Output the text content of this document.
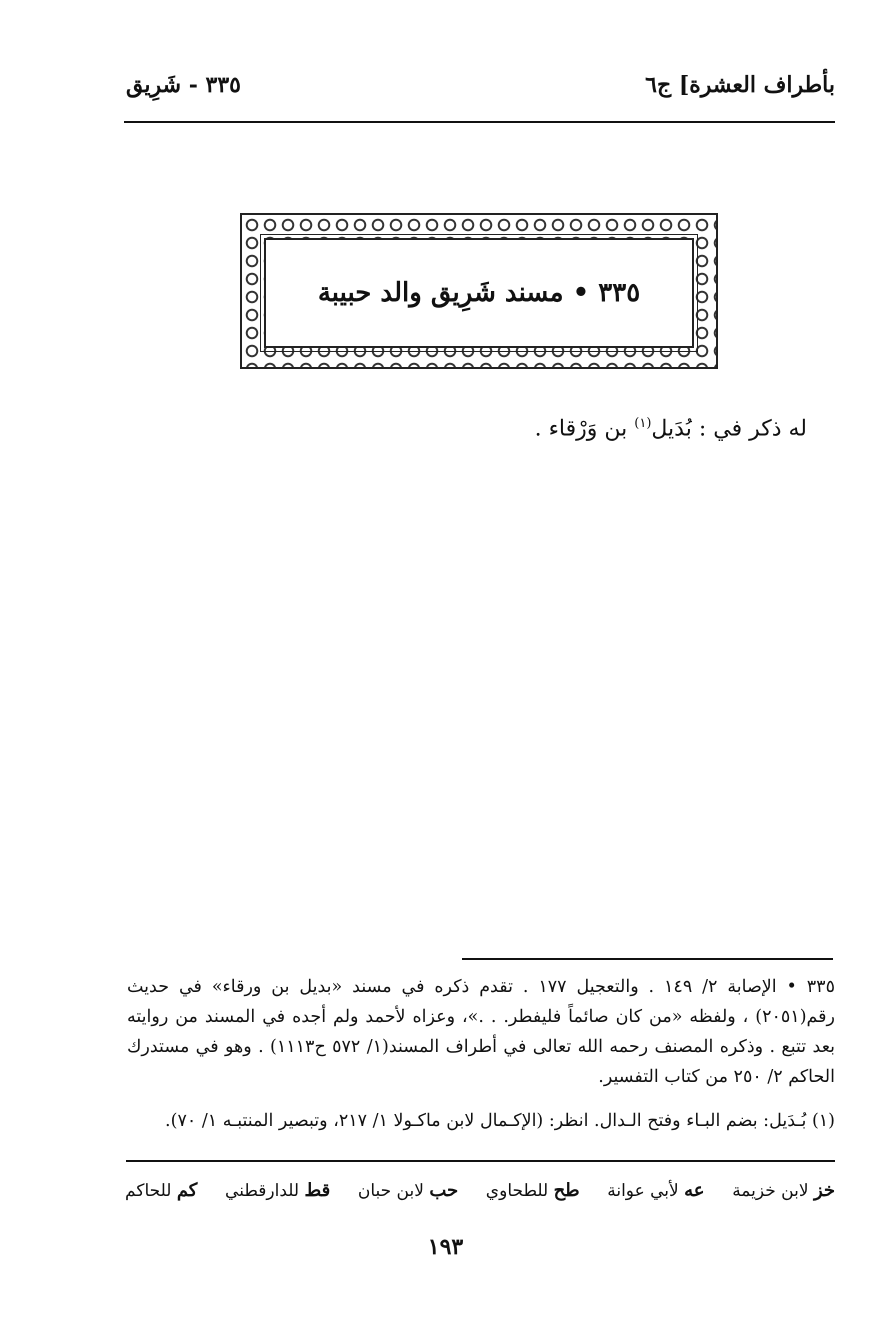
بأطراف العشرة] ج٦
٣٣٥ - شَرِيق
٣٣٥ • مسند شَرِيق والد حبيبة
له ذكر في : بُدَيل$^{(١)}$ بن وَرْقاء .
٣٣٥ • الإصابة ٢/ ١٤٩ . والتعجيل ١٧٧ . تقدم ذكره في مسند «بديل بن ورقاء» في حديث رقم(٢٠٥١) ، ولفظه «من كان صائماً فليفطر. . .»، وعزاه لأحمد ولم أجده في المسند من روايته بعد تتبع . وذكره المصنف رحمه الله تعالى في أطراف المسند(١/ ٥٧٢ ح١١١٣) . وهو في مستدرك الحاكم ٢/ ٢٥٠ من كتاب التفسير.
(١) بُـدَيل: بضم البـاء وفتح الـدال. انظر: (الإكـمال لابن ماكـولا ١/ ٢١٧، وتبصير المنتبـه ١/ ٧٠).
خز لابن خزيمة
عه لأبي عوانة
طح للطحاوي
حب لابن حبان
قط للدارقطني
كم للحاكم
١٩٣
